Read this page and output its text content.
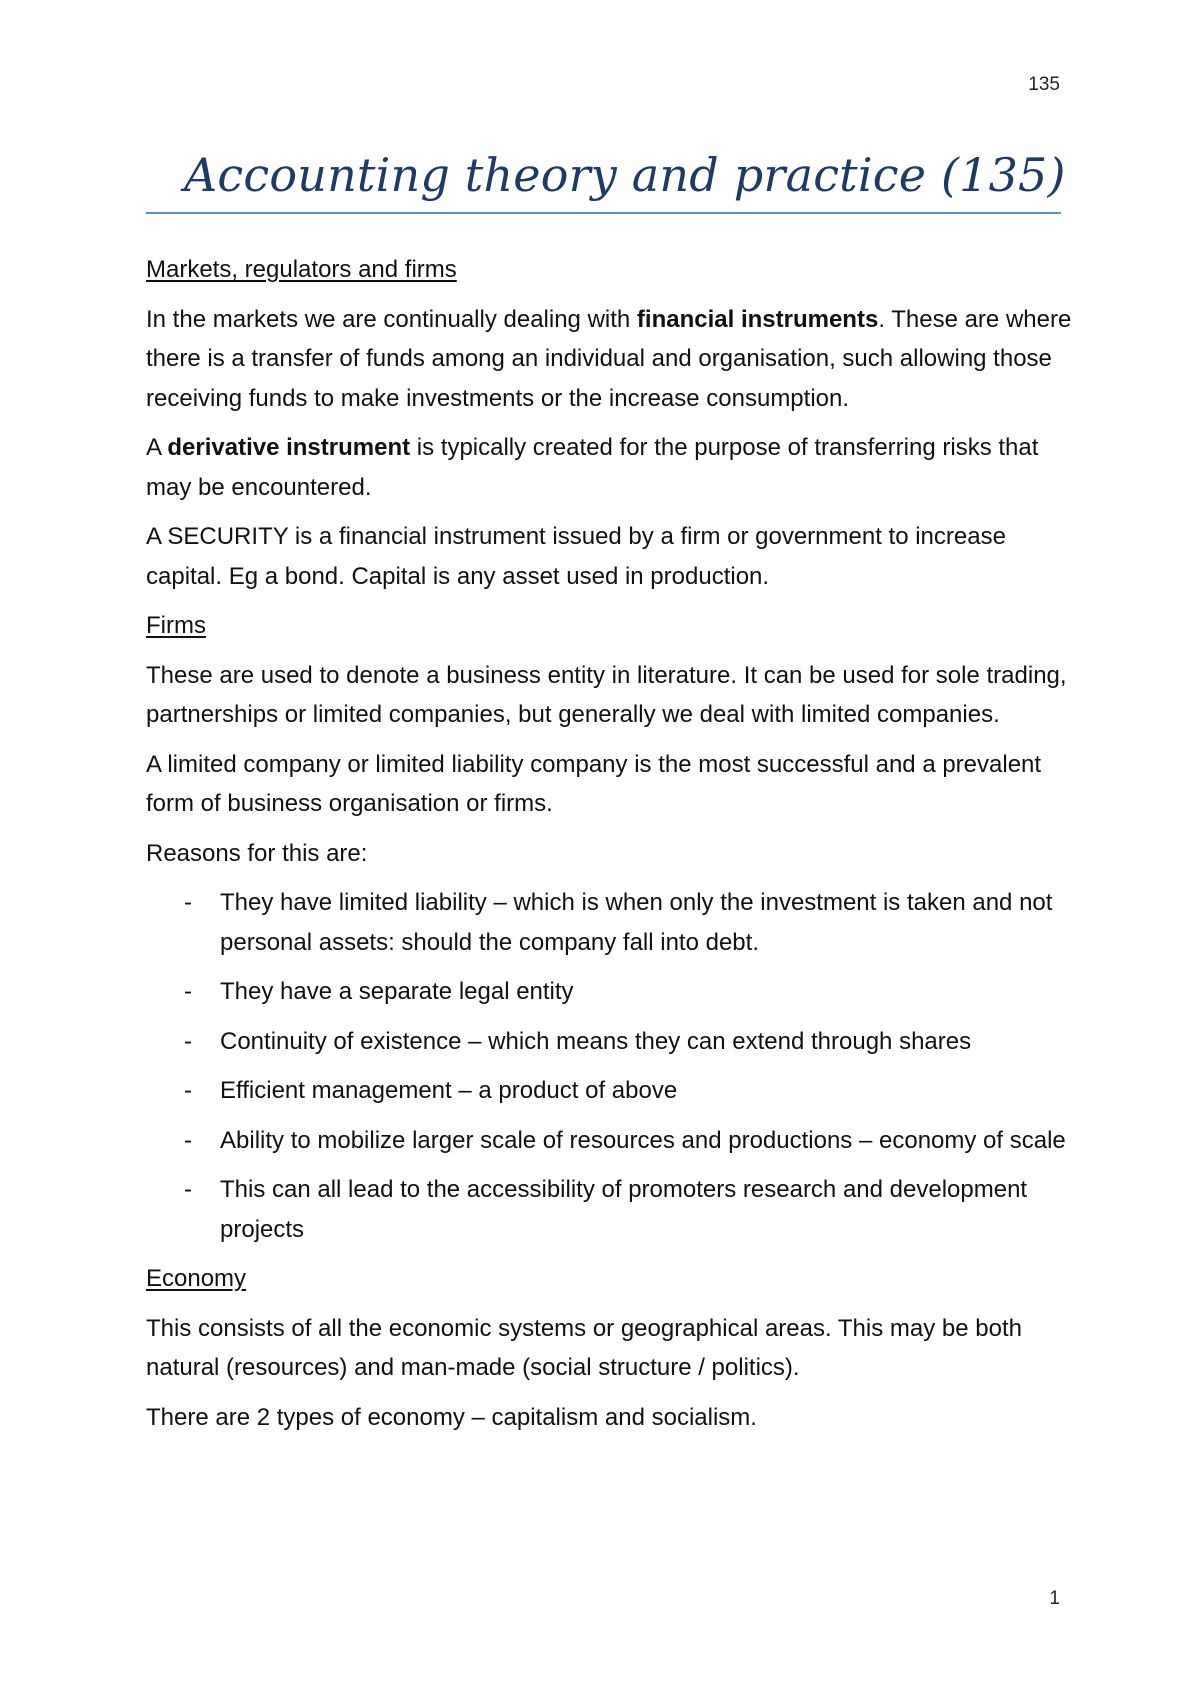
135
Accounting theory and practice (135)

Markets, regulators and firms

In the markets we are continually dealing with financial instruments. These are where there is a transfer of funds among an individual and organisation, such allowing those receiving funds to make investments or the increase consumption.

A derivative instrument is typically created for the purpose of transferring risks that may be encountered.

A SECURITY is a financial instrument issued by a firm or government to increase capital. Eg a bond. Capital is any asset used in production.

Firms

These are used to denote a business entity in literature. It can be used for sole trading, partnerships or limited companies, but generally we deal with limited companies.

A limited company or limited liability company is the most successful and a prevalent form of business organisation or firms.

Reasons for this are:

- They have limited liability – which is when only the investment is taken and not personal assets: should the company fall into debt.
- They have a separate legal entity
- Continuity of existence – which means they can extend through shares
- Efficient management – a product of above
- Ability to mobilize larger scale of resources and productions – economy of scale
- This can all lead to the accessibility of promoters research and development projects

Economy

This consists of all the economic systems or geographical areas. This may be both natural (resources) and man-made (social structure / politics).

There are 2 types of economy – capitalism and socialism.

1
